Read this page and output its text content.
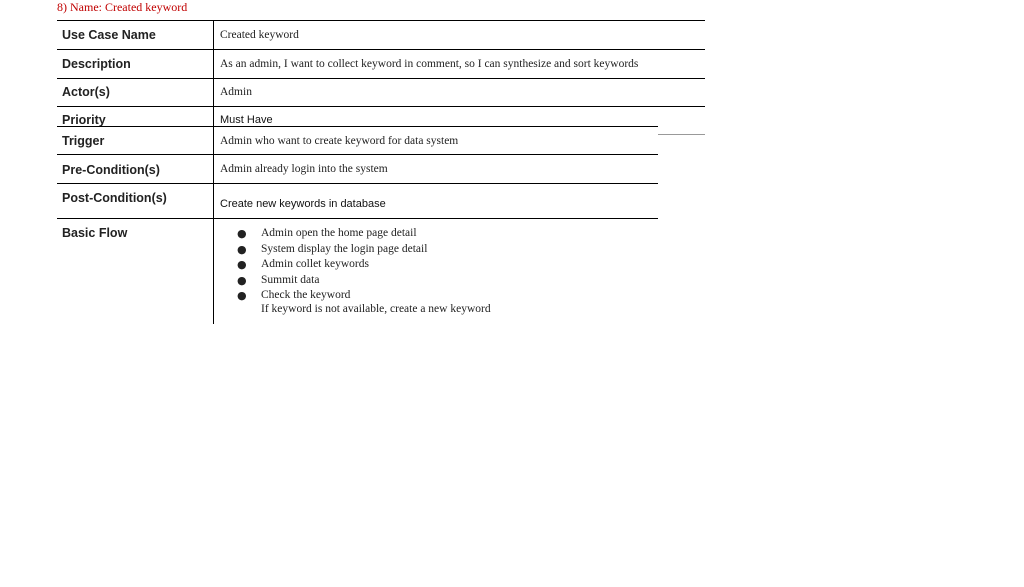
8) Name: Created keyword
Use Case Name	Created keyword
Description	As an admin, I want to collect keyword in comment, so I can synthesize and sort keywords
Actor(s)	Admin
Priority	Must Have
Trigger	Admin who want to create keyword for data system
Pre-Condition(s)	Admin already login into the system
Post-Condition(s)	Create new keywords in database
Basic Flow	●	Admin open the home page detail
●	System display the login page detail
●	Admin collet keywords
●	Summit data
●	Check the keyword
If keyword is not available, create a new keyword
